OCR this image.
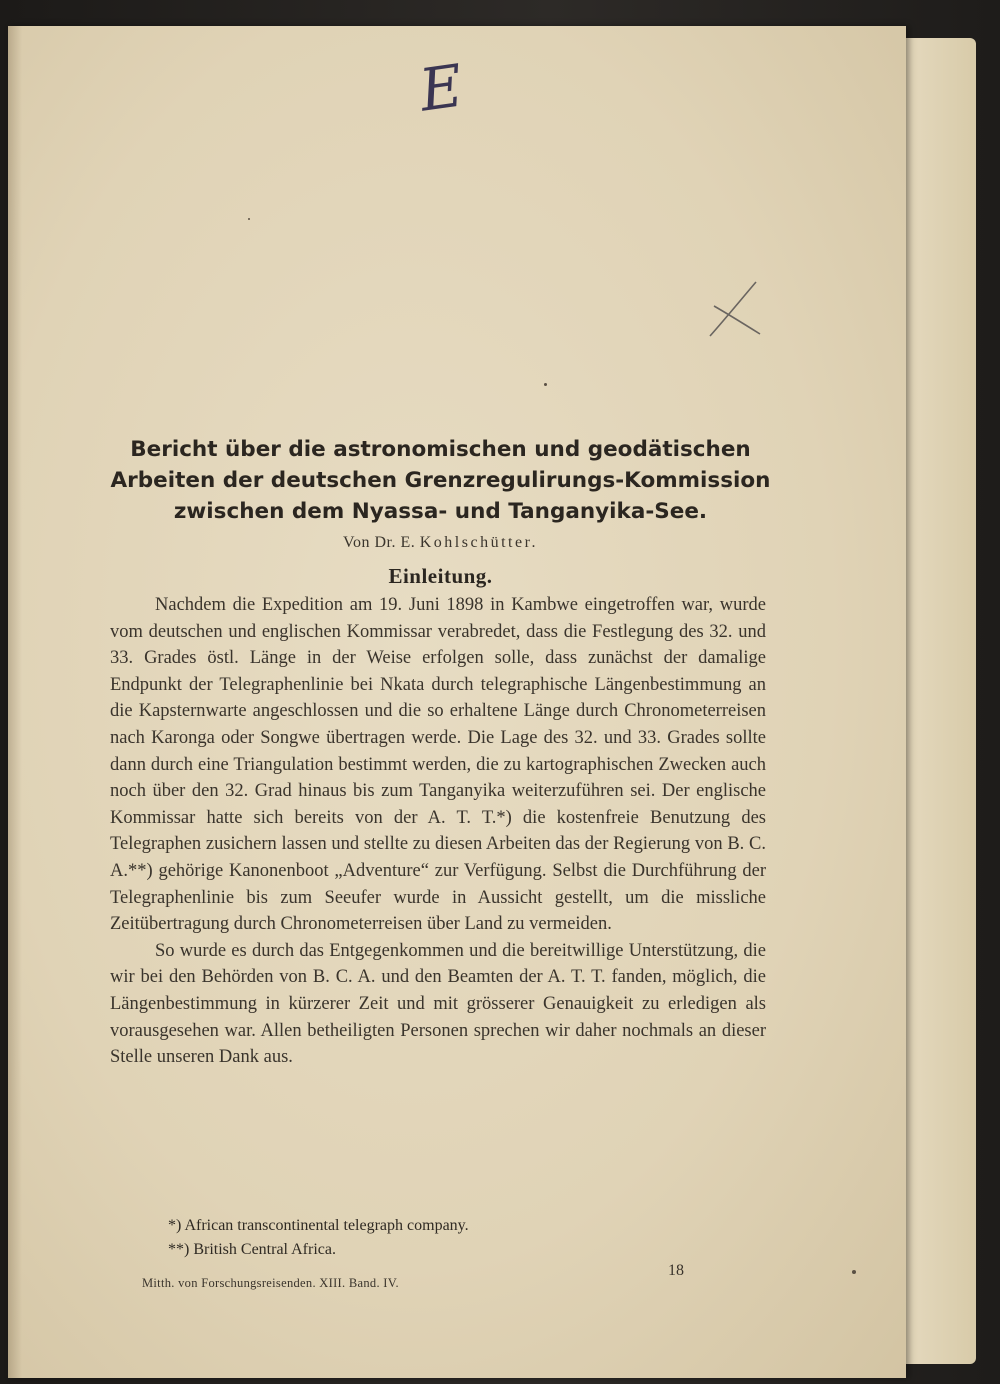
E
Bericht über die astronomischen und geodätischen
Arbeiten der deutschen Grenzregulirungs-Kommission
zwischen dem Nyassa- und Tanganyika-See.
Von Dr. E. Kohlschütter.
Einleitung.

Nachdem die Expedition am 19. Juni 1898 in Kambwe eingetroffen war, wurde vom deutschen und englischen Kommissar verabredet, dass die Festlegung des 32. und 33. Grades östl. Länge in der Weise erfolgen solle, dass zunächst der damalige Endpunkt der Telegraphenlinie bei Nkata durch telegraphische Längenbestimmung an die Kapsternwarte angeschlossen und die so erhaltene Länge durch Chronometerreisen nach Karonga oder Songwe übertragen werde. Die Lage des 32. und 33. Grades sollte dann durch eine Triangulation bestimmt werden, die zu kartographischen Zwecken auch noch über den 32. Grad hinaus bis zum Tanganyika weiterzuführen sei. Der englische Kommissar hatte sich bereits von der A. T. T.*) die kostenfreie Benutzung des Telegraphen zusichern lassen und stellte zu diesen Arbeiten das der Regierung von B. C. A.**) gehörige Kanonenboot „Adventure“ zur Verfügung. Selbst die Durchführung der Telegraphenlinie bis zum Seeufer wurde in Aussicht gestellt, um die missliche Zeitübertragung durch Chronometerreisen über Land zu vermeiden.

So wurde es durch das Entgegenkommen und die bereitwillige Unterstützung, die wir bei den Behörden von B. C. A. und den Beamten der A. T. T. fanden, möglich, die Längenbestimmung in kürzerer Zeit und mit grösserer Genauigkeit zu erledigen als vorausgesehen war. Allen betheiligten Personen sprechen wir daher nochmals an dieser Stelle unseren Dank aus.

*) African transcontinental telegraph company.
**) British Central Africa.
Mitth. von Forschungsreisenden. XIII. Band. IV.
18
